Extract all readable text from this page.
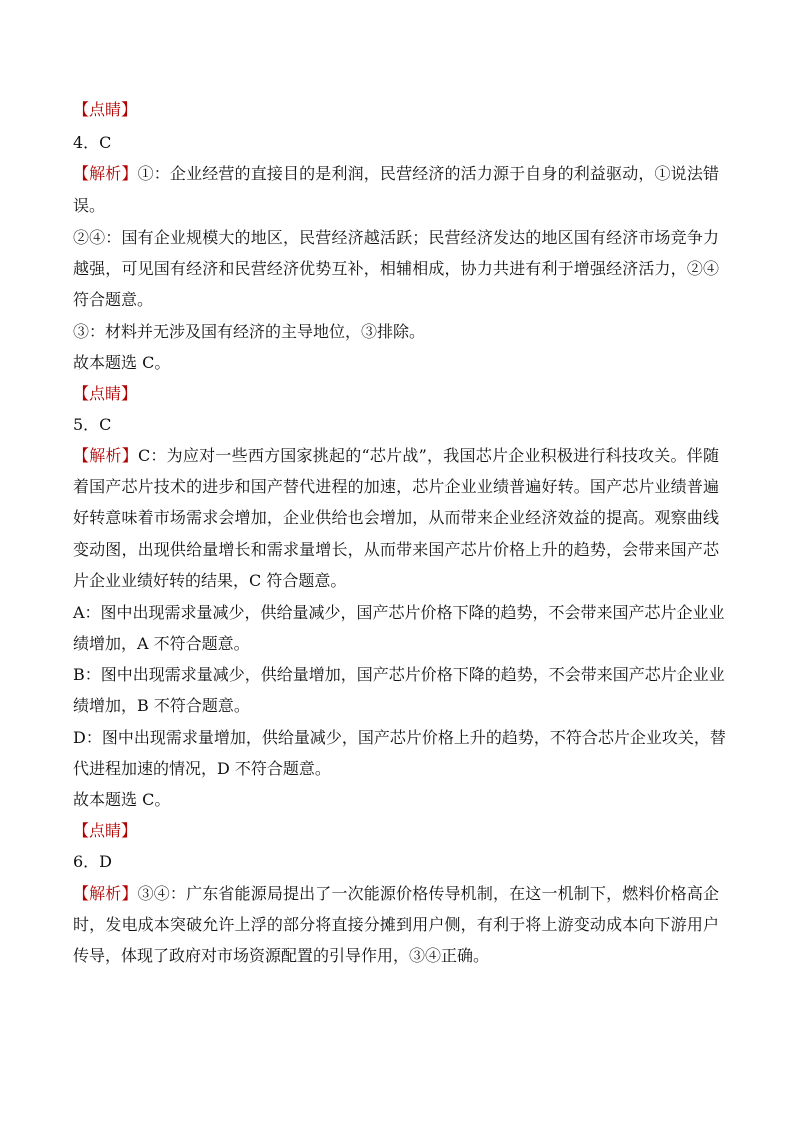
【点睛】
4．C
【解析】①：企业经营的直接目的是利润，民营经济的活力源于自身的利益驱动，①说法错
误。
②④：国有企业规模大的地区，民营经济越活跃；民营经济发达的地区国有经济市场竞争力
越强，可见国有经济和民营经济优势互补，相辅相成，协力共进有利于增强经济活力，②④
符合题意。
③：材料并无涉及国有经济的主导地位，③排除。
故本题选 C。
【点睛】
5．C
【解析】C：为应对一些西方国家挑起的“芯片战”，我国芯片企业积极进行科技攻关。伴随
着国产芯片技术的进步和国产替代进程的加速，芯片企业业绩普遍好转。国产芯片业绩普遍
好转意味着市场需求会增加，企业供给也会增加，从而带来企业经济效益的提高。观察曲线
变动图，出现供给量增长和需求量增长，从而带来国产芯片价格上升的趋势，会带来国产芯
片企业业绩好转的结果，C 符合题意。
A：图中出现需求量减少，供给量减少，国产芯片价格下降的趋势，不会带来国产芯片企业业
绩增加，A 不符合题意。
B：图中出现需求量减少，供给量增加，国产芯片价格下降的趋势，不会带来国产芯片企业业
绩增加，B 不符合题意。
D：图中出现需求量增加，供给量减少，国产芯片价格上升的趋势，不符合芯片企业攻关，替
代进程加速的情况，D 不符合题意。
故本题选 C。
【点睛】
6．D
【解析】③④：广东省能源局提出了一次能源价格传导机制，在这一机制下，燃料价格高企
时，发电成本突破允许上浮的部分将直接分摊到用户侧，有利于将上游变动成本向下游用户
传导，体现了政府对市场资源配置的引导作用，③④正确。
